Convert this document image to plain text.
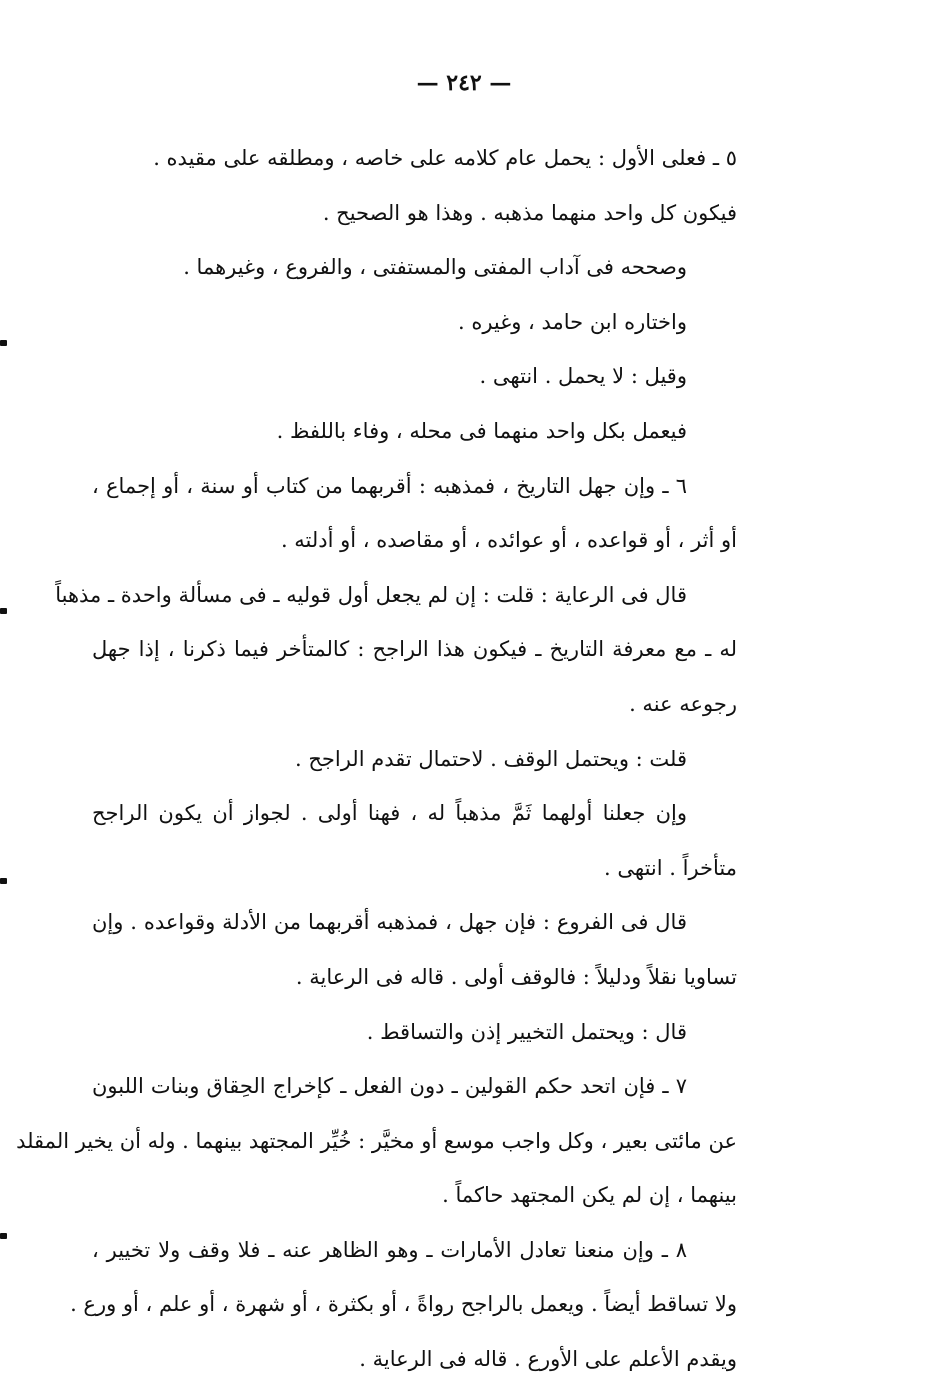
— ٢٤٢ —
٥ ـ فعلى الأول : يحمل عام كلامه على خاصه ، ومطلقه على مقيده .
فيكون كل واحد منهما مذهبه . وهذا هو الصحيح .
وصححه فى آداب المفتى والمستفتى ، والفروع ، وغيرهما .
واختاره ابن حامد ، وغيره .
وقيل : لا يحمل . انتهى .
فيعمل بكل واحد منهما فى محله ، وفاء باللفظ .
٦ ـ وإن جهل التاريخ ، فمذهبه : أقربهما من كتاب أو سنة ، أو إجماع ،
أو أثر ، أو قواعده ، أو عوائده ، أو مقاصده ، أو أدلته .
قال فى الرعاية : قلت : إن لم يجعل أول قوليه ـ فى مسألة واحدة ـ مذهباً
له ـ مع معرفة التاريخ ـ فيكون هذا الراجح : كالمتأخر فيما ذكرنا ، إذا جهل
رجوعه عنه .
قلت : ويحتمل الوقف . لاحتمال تقدم الراجح .
وإن جعلنا أولهما ثَمَّ مذهباً له ، فهنا أولى . لجواز أن يكون الراجح
متأخراً . انتهى .
قال فى الفروع : فإن جهل ، فمذهبه أقربهما من الأدلة وقواعده . وإن
تساويا نقلاً ودليلاً : فالوقف أولى . قاله فى الرعاية .
قال : ويحتمل التخيير إذن والتساقط .
٧ ـ فإن اتحد حكم القولين ـ دون الفعل ـ كإخراج الحِقاق وبنات اللبون
عن مائتى بعير ، وكل واجب موسع أو مخيَّر : خُيِّر المجتهد بينهما . وله أن يخير المقلد
بينهما ، إن لم يكن المجتهد حاكماً .
٨ ـ وإن منعنا تعادل الأمارات ـ وهو الظاهر عنه ـ فلا وقف ولا تخيير ،
ولا تساقط أيضاً . ويعمل بالراجح رواةً ، أو بكثرة ، أو شهرة ، أو علم ، أو ورع .
ويقدم الأعلم على الأورع . قاله فى الرعاية .
